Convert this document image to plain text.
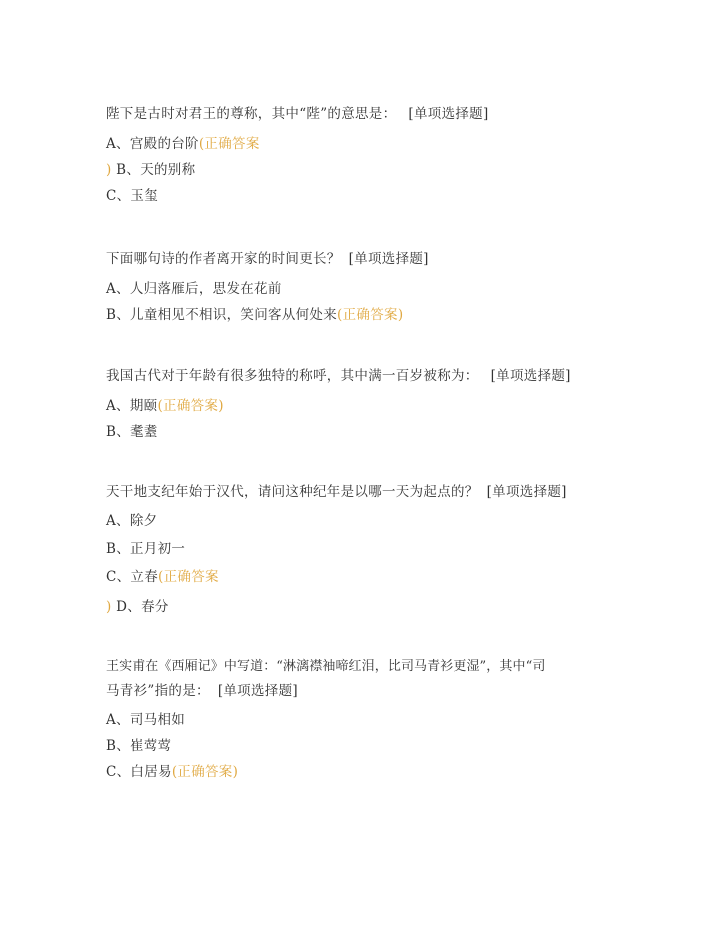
陛下是古时对君王的尊称，其中“陛”的意思是： [单项选择题]
A、宫殿的台阶(正确答案
) B、天的别称
C、玉玺
下面哪句诗的作者离开家的时间更长？ [单项选择题]
A、人归落雁后，思发在花前
B、儿童相见不相识，笑问客从何处来(正确答案)
我国古代对于年龄有很多独特的称呼，其中满一百岁被称为： [单项选择题]
A、期颐(正确答案)
B、耄耋
天干地支纪年始于汉代，请问这种纪年是以哪一天为起点的？ [单项选择题]
A、除夕
B、正月初一
C、立春(正确答案
) D、春分
王实甫在《西厢记》中写道：“淋漓襟袖啼红泪，比司马青衫更湿”，其中“司
马青衫”指的是： [单项选择题]
A、司马相如
B、崔莺莺
C、白居易(正确答案)
